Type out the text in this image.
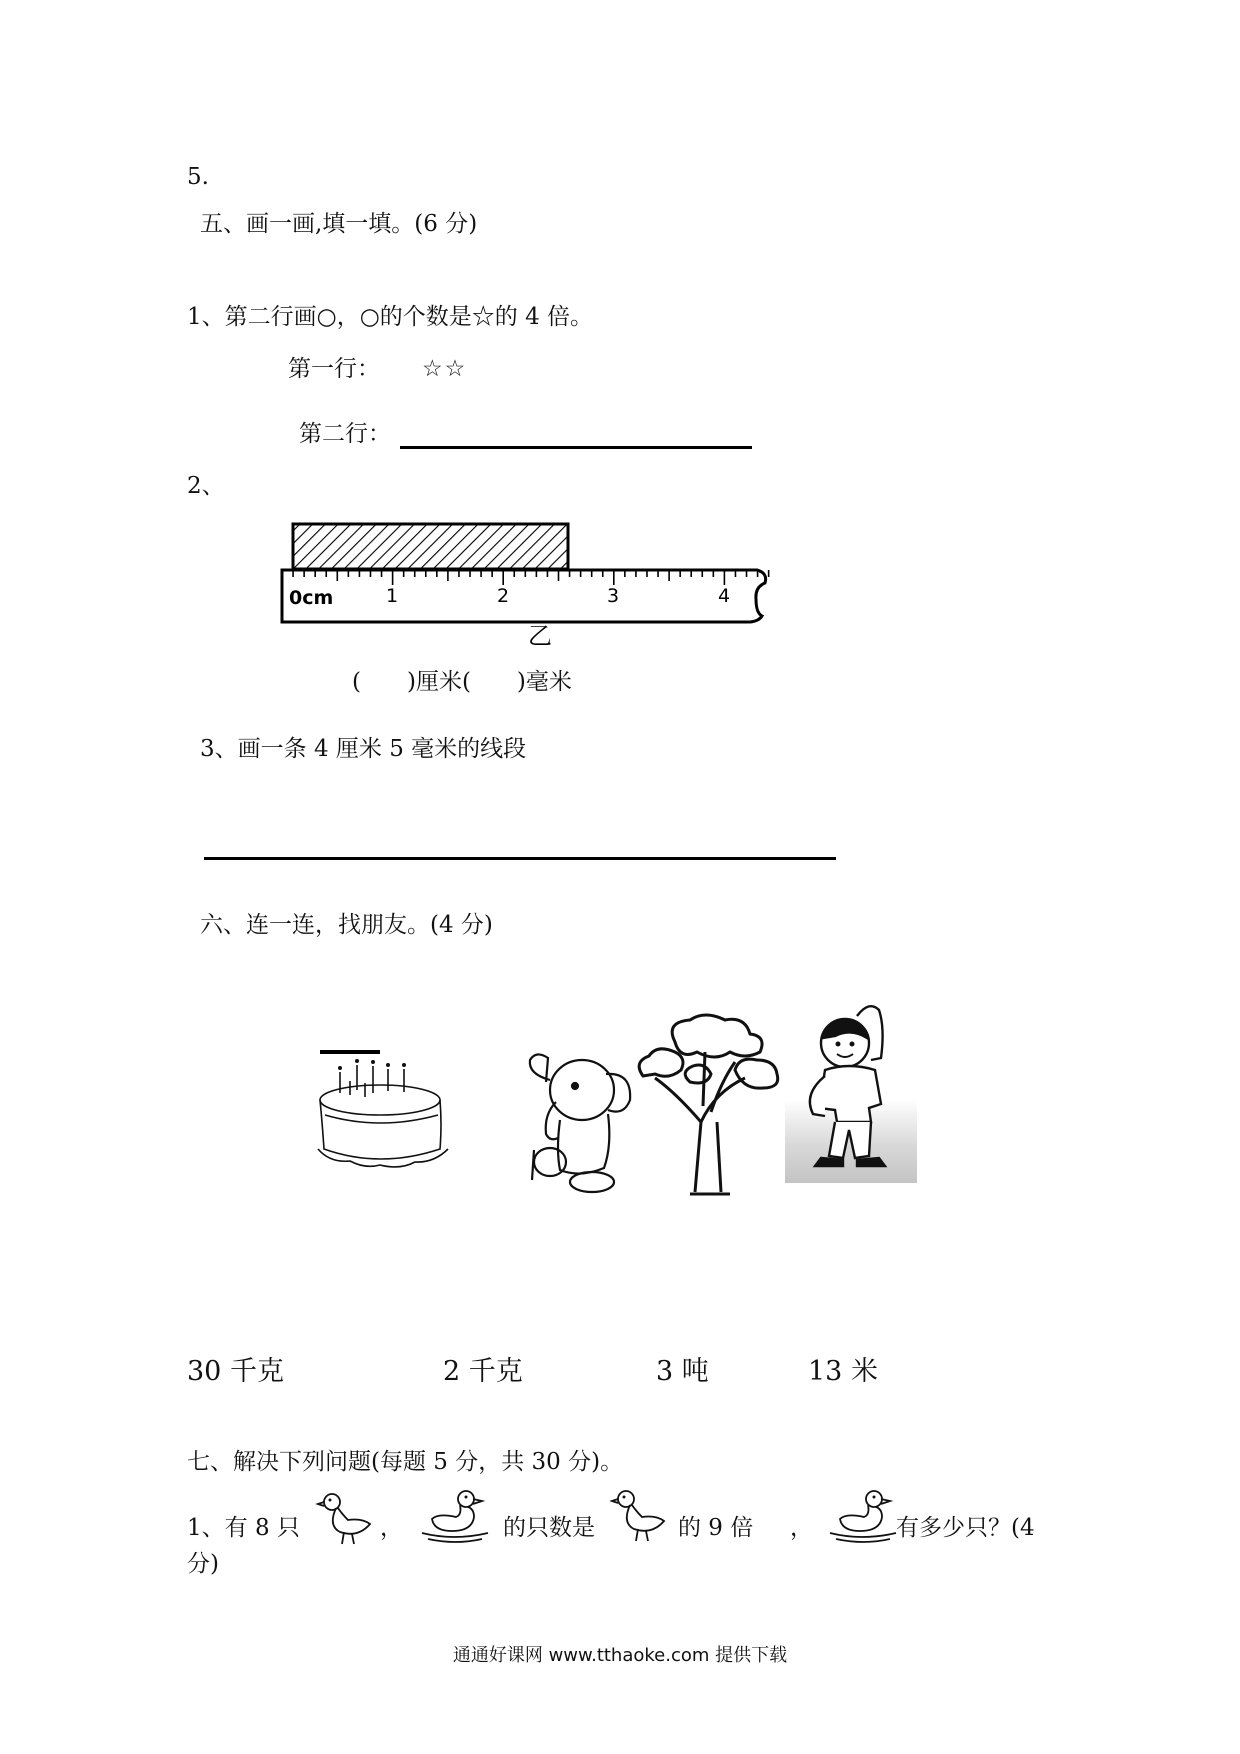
5.
五、画一画,填一填。(6 分)
1、第二行画○，○的个数是☆的 4 倍。
第一行： ☆☆
第二行：
2、
0cm	1	2	3	4
乙
(　　)厘米(　　)毫米
3、画一条 4 厘米 5 毫米的线段
六、连一连，找朋友。(4 分)
30 千克	2 千克	3 吨	13 米
七、解决下列问题(每题 5 分，共 30 分)。
1、有 8 只	，	的只数是	的 9 倍 ，	有多少只？(4
分)
通通好课网 www.tthaoke.com 提供下载
